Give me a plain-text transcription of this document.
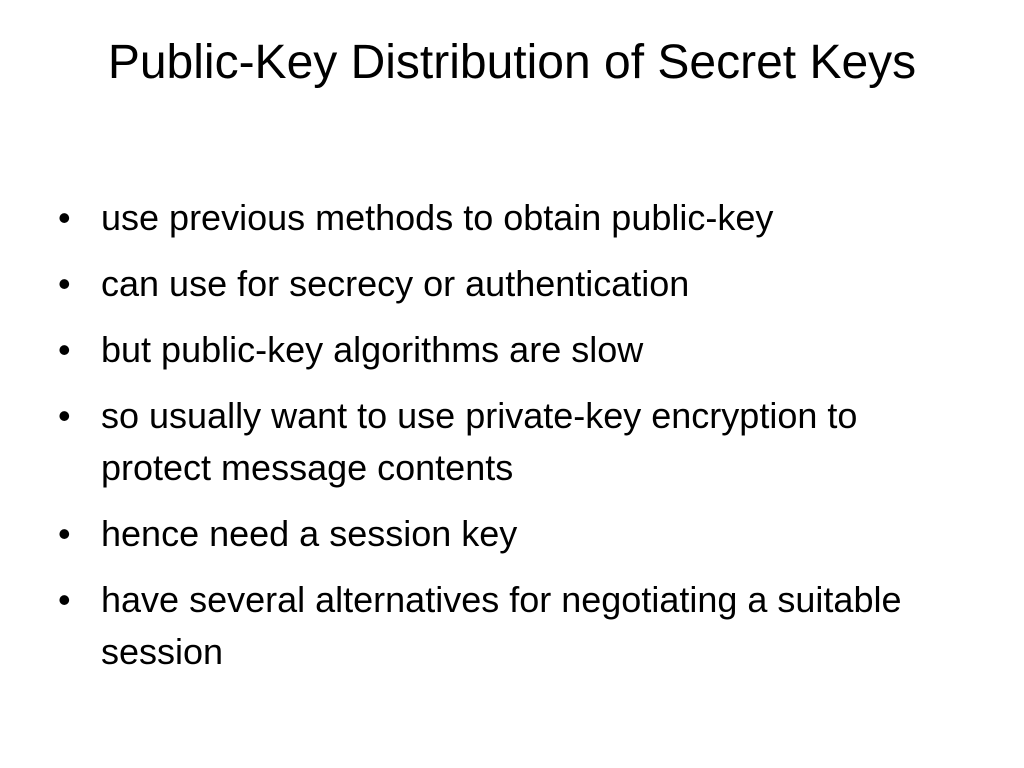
Public-Key Distribution of Secret Keys
• use previous methods to obtain public-key
• can use for secrecy or authentication
• but public-key algorithms are slow
• so usually want to use private-key encryption to protect message contents
• hence need a session key
• have several alternatives for negotiating a suitable session
